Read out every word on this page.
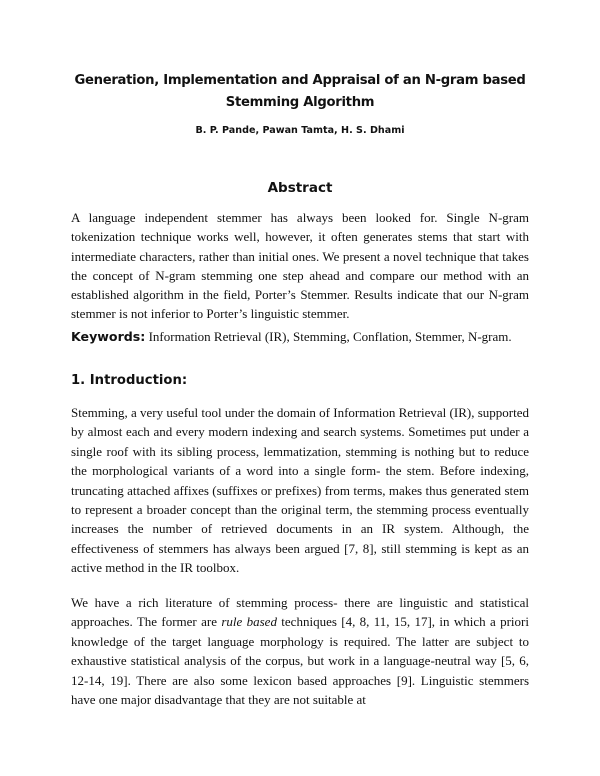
Generation, Implementation and Appraisal of an N-gram based
Stemming Algorithm

B. P. Pande, Pawan Tamta, H. S. Dhami

Abstract

A language independent stemmer has always been looked for. Single N-gram tokenization technique works well, however, it often generates stems that start with intermediate characters, rather than initial ones. We present a novel technique that takes the concept of N-gram stemming one step ahead and compare our method with an established algorithm in the field, Porter’s Stemmer. Results indicate that our N-gram stemmer is not inferior to Porter’s linguistic stemmer.

Keywords: Information Retrieval (IR), Stemming, Conflation, Stemmer, N-gram.

1. Introduction:

Stemming, a very useful tool under the domain of Information Retrieval (IR), supported by almost each and every modern indexing and search systems. Sometimes put under a single roof with its sibling process, lemmatization, stemming is nothing but to reduce the morphological variants of a word into a single form- the stem. Before indexing, truncating attached affixes (suffixes or prefixes) from terms, makes thus generated stem to represent a broader concept than the original term, the stemming process eventually increases the number of retrieved documents in an IR system. Although, the effectiveness of stemmers has always been argued [7, 8], still stemming is kept as an active method in the IR toolbox.

We have a rich literature of stemming process- there are linguistic and statistical approaches. The former are rule based techniques [4, 8, 11, 15, 17], in which a priori knowledge of the target language morphology is required. The latter are subject to exhaustive statistical analysis of the corpus, but work in a language-neutral way [5, 6, 12-14, 19]. There are also some lexicon based approaches [9]. Linguistic stemmers have one major disadvantage that they are not suitable at
